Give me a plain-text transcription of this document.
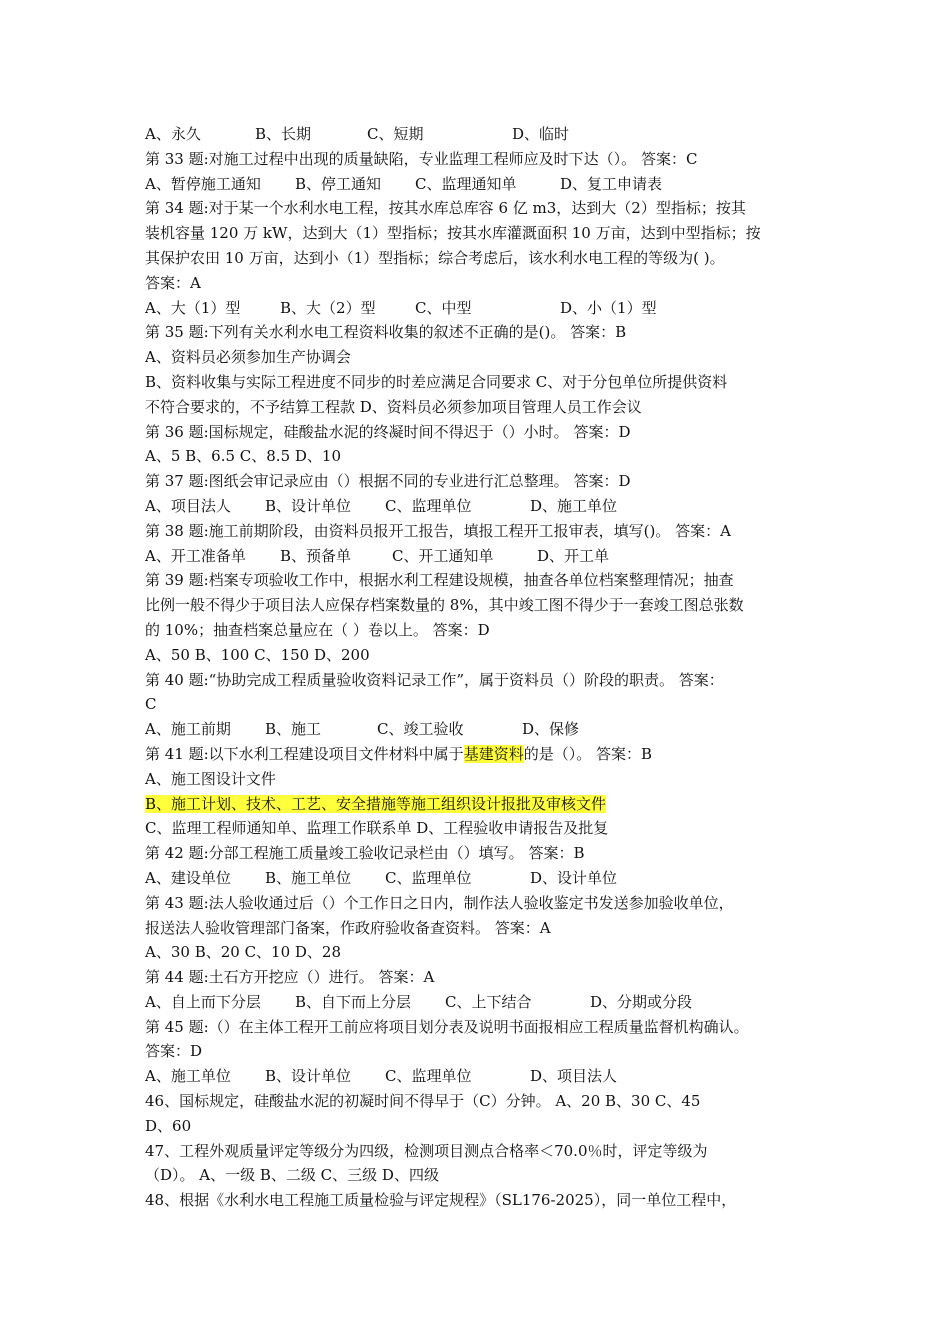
A、永久	B、长期	C、短期	D、临时
第 33 题:对施工过程中出现的质量缺陷，专业监理工程师应及时下达（）。 答案：C
A、暂停施工通知 B、停工通知 C、监理通知单	D、复工申请表
第 34 题:对于某一个水利水电工程，按其水库总库容 6 亿 m3，达到大（2）型指标；按其
装机容量 120 万 kW，达到大（1）型指标；按其水库灌溉面积 10 万亩，达到中型指标；按
其保护农田 10 万亩，达到小（1）型指标；综合考虑后，该水利水电工程的等级为( )。
答案：A
A、大（1）型	B、大（2）型	C、中型	D、小（1）型
第 35 题:下列有关水利水电工程资料收集的叙述不正确的是()。 答案：B
A、资料员必须参加生产协调会
B、资料收集与实际工程进度不同步的时差应满足合同要求 C、对于分包单位所提供资料
不符合要求的，不予结算工程款 D、资料员必须参加项目管理人员工作会议
第 36 题:国标规定，硅酸盐水泥的终凝时间不得迟于（）小时。 答案：D
A、5 B、6.5 C、8.5 D、10
第 37 题:图纸会审记录应由（）根据不同的专业进行汇总整理。 答案：D
A、项目法人 B、设计单位 C、监理单位	D、施工单位
第 38 题:施工前期阶段，由资料员报开工报告，填报工程开工报审表，填写()。 答案：A
A、开工准备单 B、预备单	C、开工通知单	D、开工单
第 39 题:档案专项验收工作中，根据水利工程建设规模，抽查各单位档案整理情况；抽查
比例一般不得少于项目法人应保存档案数量的 8%，其中竣工图不得少于一套竣工图总张数
的 10%；抽查档案总量应在（ ）卷以上。 答案：D
A、50 B、100 C、150 D、200
第 40 题:“协助完成工程质量验收资料记录工作”，属于资料员（）阶段的职责。 答案：
C
A、施工前期 B、施工	C、竣工验收	D、保修
第 41 题:以下水利工程建设项目文件材料中属于基建资料的是（）。 答案：B
A、施工图设计文件
B、施工计划、技术、工艺、安全措施等施工组织设计报批及审核文件
C、监理工程师通知单、监理工作联系单 D、工程验收申请报告及批复
第 42 题:分部工程施工质量竣工验收记录栏由（）填写。 答案：B
A、建设单位 B、施工单位 C、监理单位	D、设计单位
第 43 题:法人验收通过后（）个工作日之日内，制作法人验收鉴定书发送参加验收单位，
报送法人验收管理部门备案，作政府验收备查资料。 答案：A
A、30 B、20 C、10 D、28
第 44 题:土石方开挖应（）进行。 答案：A
A、自上而下分层 B、自下而上分层 C、上下结合	D、分期或分段
第 45 题:（）在主体工程开工前应将项目划分表及说明书面报相应工程质量监督机构确认。
答案：D
A、施工单位 B、设计单位 C、监理单位	D、项目法人
46、国标规定，硅酸盐水泥的初凝时间不得早于（C）分钟。 A、20 B、30 C、45
D、60
47、工程外观质量评定等级分为四级，检测项目测点合格率＜70.0％时，评定等级为
（D）。 A、一级 B、二级 C、三级 D、四级
48、根据《水利水电工程施工质量检验与评定规程》（SL176-2025），同一单位工程中，
